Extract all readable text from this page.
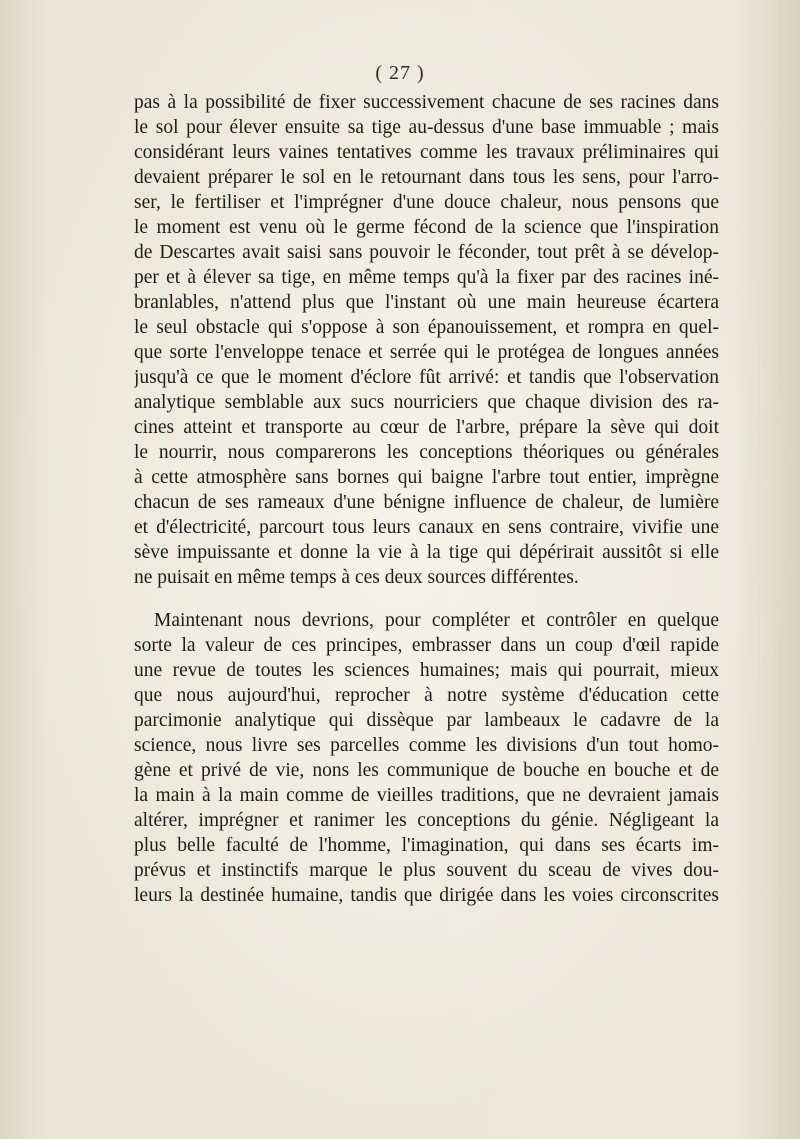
( 27 )
pas à la possibilité de fixer successivement chacune de ses racines dans
le sol pour élever ensuite sa tige au-dessus d'une base immuable ; mais
considérant leurs vaines tentatives comme les travaux préliminaires qui
devaient préparer le sol en le retournant dans tous les sens, pour l'arro-
ser, le fertiliser et l'imprégner d'une douce chaleur, nous pensons que
le moment est venu où le germe fécond de la science que l'inspiration
de Descartes avait saisi sans pouvoir le féconder, tout prêt à se dévelop-
per et à élever sa tige, en même temps qu'à la fixer par des racines iné-
branlables, n'attend plus que l'instant où une main heureuse écartera
le seul obstacle qui s'oppose à son épanouissement, et rompra en quel-
que sorte l'enveloppe tenace et serrée qui le protégea de longues années
jusqu'à ce que le moment d'éclore fût arrivé: et tandis que l'observation
analytique semblable aux sucs nourriciers que chaque division des ra-
cines atteint et transporte au cœur de l'arbre, prépare la sève qui doit
le nourrir, nous comparerons les conceptions théoriques ou générales
à cette atmosphère sans bornes qui baigne l'arbre tout entier, imprègne
chacun de ses rameaux d'une bénigne influence de chaleur, de lumière
et d'électricité, parcourt tous leurs canaux en sens contraire, vivifie une
sève impuissante et donne la vie à la tige qui dépérirait aussitôt si elle
ne puisait en même temps à ces deux sources différentes.
Maintenant nous devrions, pour compléter et contrôler en quelque
sorte la valeur de ces principes, embrasser dans un coup d'œil rapide
une revue de toutes les sciences humaines; mais qui pourrait, mieux
que nous aujourd'hui, reprocher à notre système d'éducation cette
parcimonie analytique qui dissèque par lambeaux le cadavre de la
science, nous livre ses parcelles comme les divisions d'un tout homo-
gène et privé de vie, nons les communique de bouche en bouche et de
la main à la main comme de vieilles traditions, que ne devraient jamais
altérer, imprégner et ranimer les conceptions du génie. Négligeant la
plus belle faculté de l'homme, l'imagination, qui dans ses écarts im-
prévus et instinctifs marque le plus souvent du sceau de vives dou-
leurs la destinée humaine, tandis que dirigée dans les voies circonscrites
